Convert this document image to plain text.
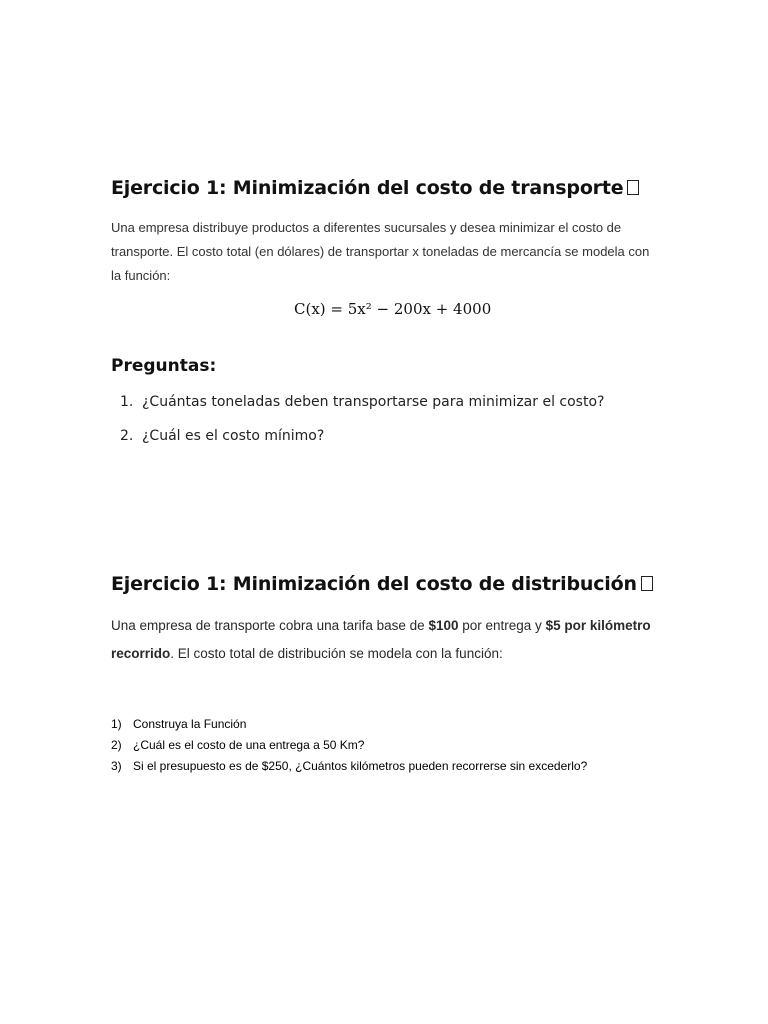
Ejercicio 1: Minimización del costo de transporte
Una empresa distribuye productos a diferentes sucursales y desea minimizar el costo de
transporte. El costo total (en dólares) de transportar x toneladas de mercancía se modela con
la función:
C(x) = 5x² − 200x + 4000
Preguntas:
1. ¿Cuántas toneladas deben transportarse para minimizar el costo?
2. ¿Cuál es el costo mínimo?
Ejercicio 1: Minimización del costo de distribución
Una empresa de transporte cobra una tarifa base de $100 por entrega y $5 por kilómetro
recorrido. El costo total de distribución se modela con la función:
1) Construya la Función
2) ¿Cuál es el costo de una entrega a 50 Km?
3) Si el presupuesto es de $250, ¿Cuántos kilómetros pueden recorrerse sin excederlo?
